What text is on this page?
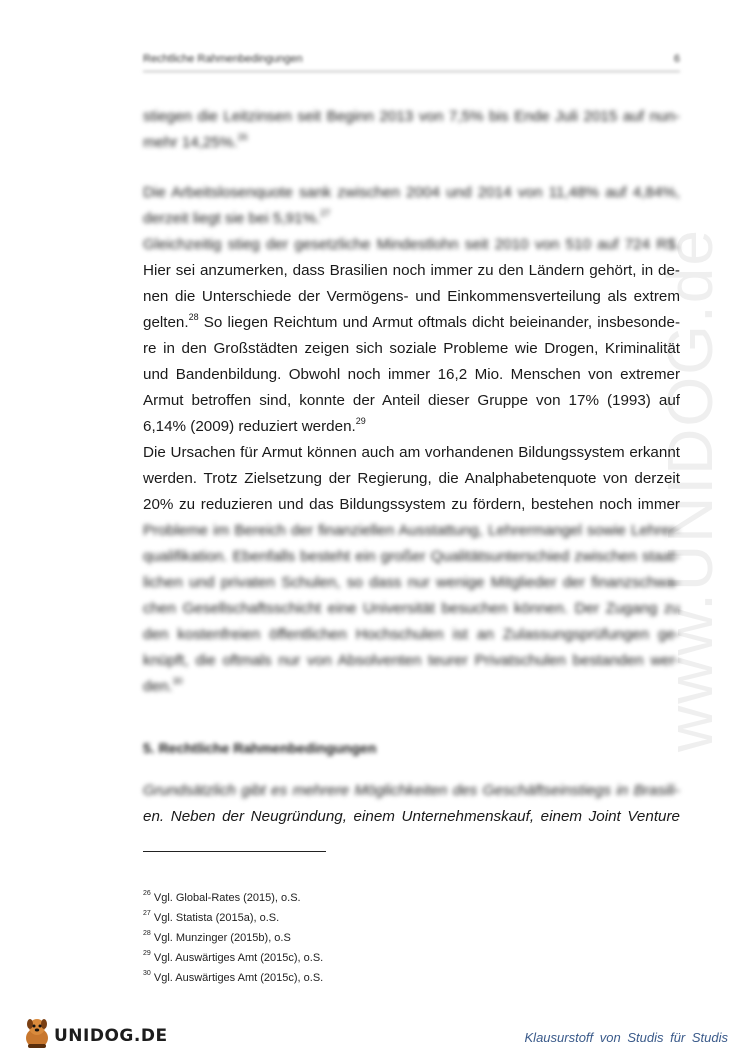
www.UNIDOG.de
Rechtliche Rahmenbedingungen	6

stiegen die Leitzinsen seit Beginn 2013 von 7,5% bis Ende Juli 2015 auf nun-
mehr 14,25%.$^{26}$

Die Arbeitslosenquote sank zwischen 2004 und 2014 von 11,48% auf 4,84%,
derzeit liegt sie bei 5,91%.$^{27}$
Gleichzeitig stieg der gesetzliche Mindestlohn seit 2010 von 510 auf 724 R$.

Hier sei anzumerken, dass Brasilien noch immer zu den Ländern gehört, in de-
nen die Unterschiede der Vermögens- und Einkommensverteilung als extrem
gelten.$^{28}$ So liegen Reichtum und Armut oftmals dicht beieinander, insbesonde-
re in den Großstädten zeigen sich soziale Probleme wie Drogen, Kriminalität
und Bandenbildung. Obwohl noch immer 16,2 Mio. Menschen von extremer
Armut betroffen sind, konnte der Anteil dieser Gruppe von 17% (1993) auf
6,14% (2009) reduziert werden.$^{29}$
Die Ursachen für Armut können auch am vorhandenen Bildungssystem erkannt
werden. Trotz Zielsetzung der Regierung, die Analphabetenquote von derzeit
20% zu reduzieren und das Bildungssystem zu fördern, bestehen noch immer

Probleme im Bereich der finanziellen Ausstattung, Lehrermangel sowie Lehrer-
qualifikation. Ebenfalls besteht ein großer Qualitätsunterschied zwischen staat-
lichen und privaten Schulen, so dass nur wenige Mitglieder der finanzschwa-
chen Gesellschaftsschicht eine Universität besuchen können. Der Zugang zu
den kostenfreien öffentlichen Hochschulen ist an Zulassungsprüfungen ge-
knüpft, die oftmals nur von Absolventen teurer Privatschulen bestanden wer-
den.$^{30}$

5. Rechtliche Rahmenbedingungen

Grundsätzlich gibt es mehrere Möglichkeiten des Geschäftseinstiegs in Brasili-
en. Neben der Neugründung, einem Unternehmenskauf, einem Joint Venture

$^{26}$ Vgl. Global-Rates (2015), o.S.
$^{27}$ Vgl. Statista (2015a), o.S.
$^{28}$ Vgl. Munzinger (2015b), o.S
$^{29}$ Vgl. Auswärtiges Amt (2015c), o.S.
$^{30}$ Vgl. Auswärtiges Amt (2015c), o.S.
UNIDOG.DE	Klausurstoff von Studis für Studis
